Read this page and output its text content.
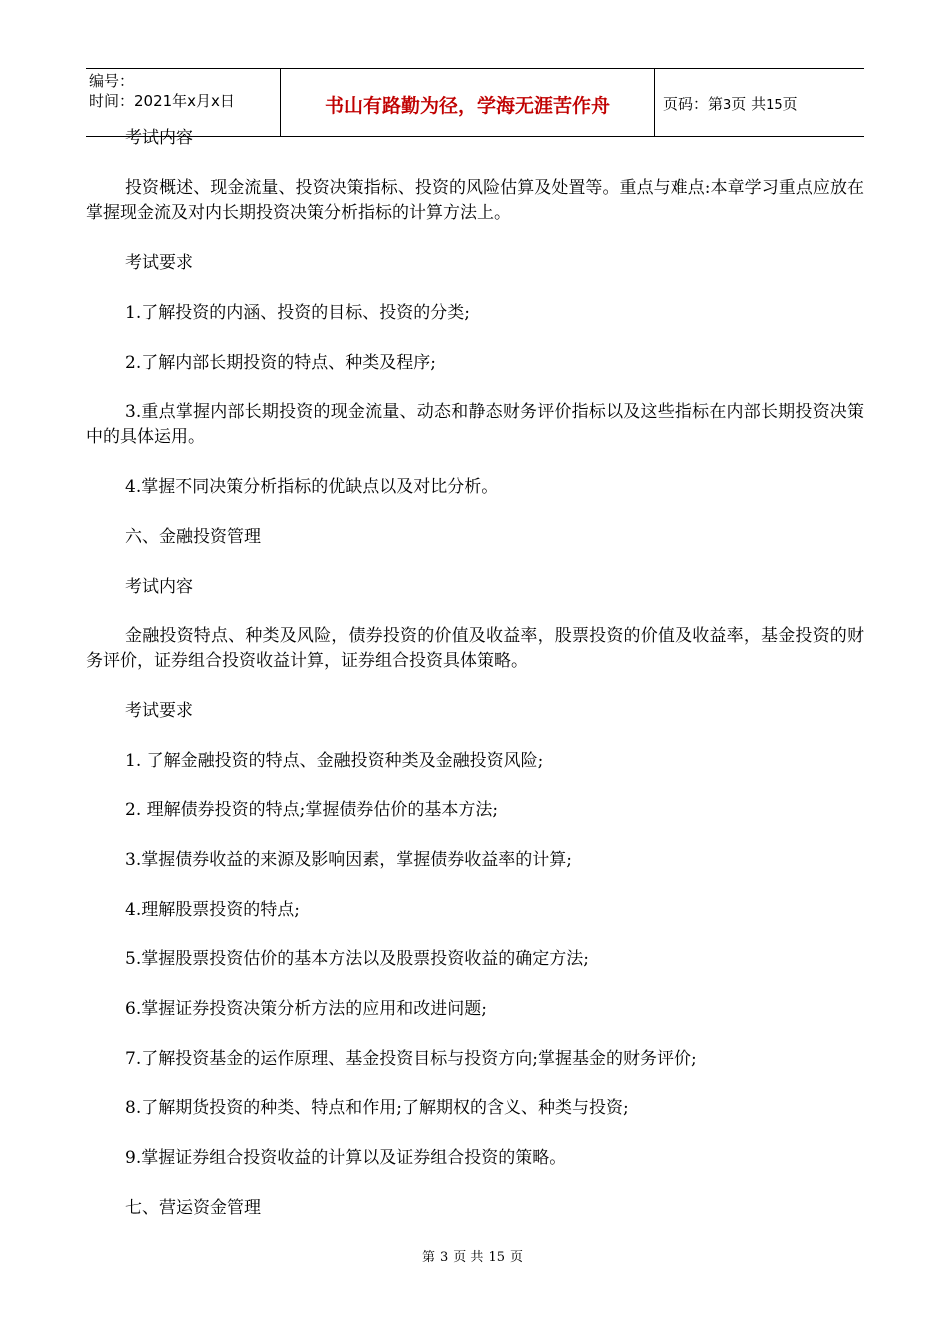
编号：
时间：2021年x月x日	书山有路勤为径，学海无涯苦作舟	页码：第3页 共15页
考试内容
投资概述、现金流量、投资决策指标、投资的风险估算及处置等。重点与难点:本章学习重点应放在掌握现金流及对内长期投资决策分析指标的计算方法上。
考试要求
1.了解投资的内涵、投资的目标、投资的分类;
2.了解内部长期投资的特点、种类及程序;
3.重点掌握内部长期投资的现金流量、动态和静态财务评价指标以及这些指标在内部长期投资决策中的具体运用。
4.掌握不同决策分析指标的优缺点以及对比分析。
六、金融投资管理
考试内容
金融投资特点、种类及风险，债券投资的价值及收益率，股票投资的价值及收益率，基金投资的财务评价，证券组合投资收益计算，证券组合投资具体策略。
考试要求
1. 了解金融投资的特点、金融投资种类及金融投资风险;
2. 理解债券投资的特点;掌握债券估价的基本方法;
3.掌握债券收益的来源及影响因素，掌握债券收益率的计算;
4.理解股票投资的特点;
5.掌握股票投资估价的基本方法以及股票投资收益的确定方法;
6.掌握证券投资决策分析方法的应用和改进问题;
7.了解投资基金的运作原理、基金投资目标与投资方向;掌握基金的财务评价;
8.了解期货投资的种类、特点和作用;了解期权的含义、种类与投资;
9.掌握证券组合投资收益的计算以及证券组合投资的策略。
七、营运资金管理
第 3 页 共 15 页
